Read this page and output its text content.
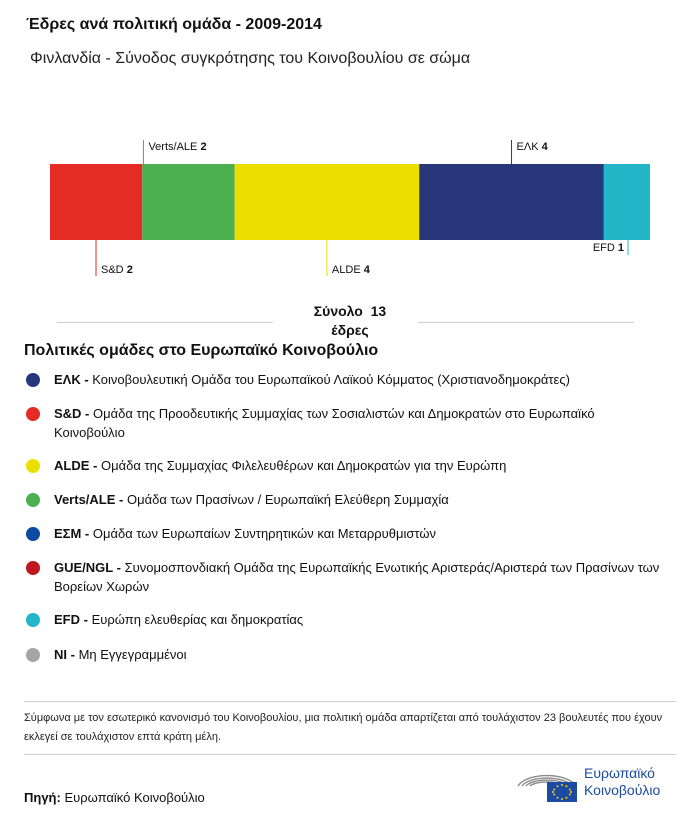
Έδρες ανά πολιτική ομάδα - 2009-2014
Φινλανδία - Σύνοδος συγκρότησης του Κοινοβουλίου σε σώμα
S&D 2
Verts/ALE 2
ALDE 4
ΕΛΚ 4
EFD 1
Σύνολο 13
έδρες
Πολιτικές ομάδες στο Ευρωπαϊκό Κοινοβούλιο
ΕΛΚ - Κοινοβουλευτική Ομάδα του Ευρωπαϊκού Λαϊκού Κόμματος (Χριστιανοδημοκράτες)
S&D - Ομάδα της Προοδευτικής Συμμαχίας των Σοσιαλιστών και Δημοκρατών στο Ευρωπαϊκό Κοινοβούλιο
ALDE - Ομάδα της Συμμαχίας Φιλελευθέρων και Δημοκρατών για την Ευρώπη
Verts/ALE - Ομάδα των Πρασίνων / Ευρωπαϊκή Ελεύθερη Συμμαχία
ΕΣΜ - Ομάδα των Ευρωπαίων Συντηρητικών και Μεταρρυθμιστών
GUE/NGL - Συνομοσπονδιακή Ομάδα της Ευρωπαϊκής Ενωτικής Αριστεράς/Αριστερά των Πρασίνων των Βορείων Χωρών
EFD - Ευρώπη ελευθερίας και δημοκρατίας
NI - Μη Εγγεγραμμένοι
Σύμφωνα με τον εσωτερικό κανονισμό του Κοινοβουλίου, μια πολιτική ομάδα απαρτίζεται από τουλάχιστον 23 βουλευτές που έχουν εκλεγεί σε τουλάχιστον επτά κράτη μέλη.
Πηγή: Ευρωπαϊκό Κοινοβούλιο
Ευρωπαϊκό
Κοινοβούλιο
